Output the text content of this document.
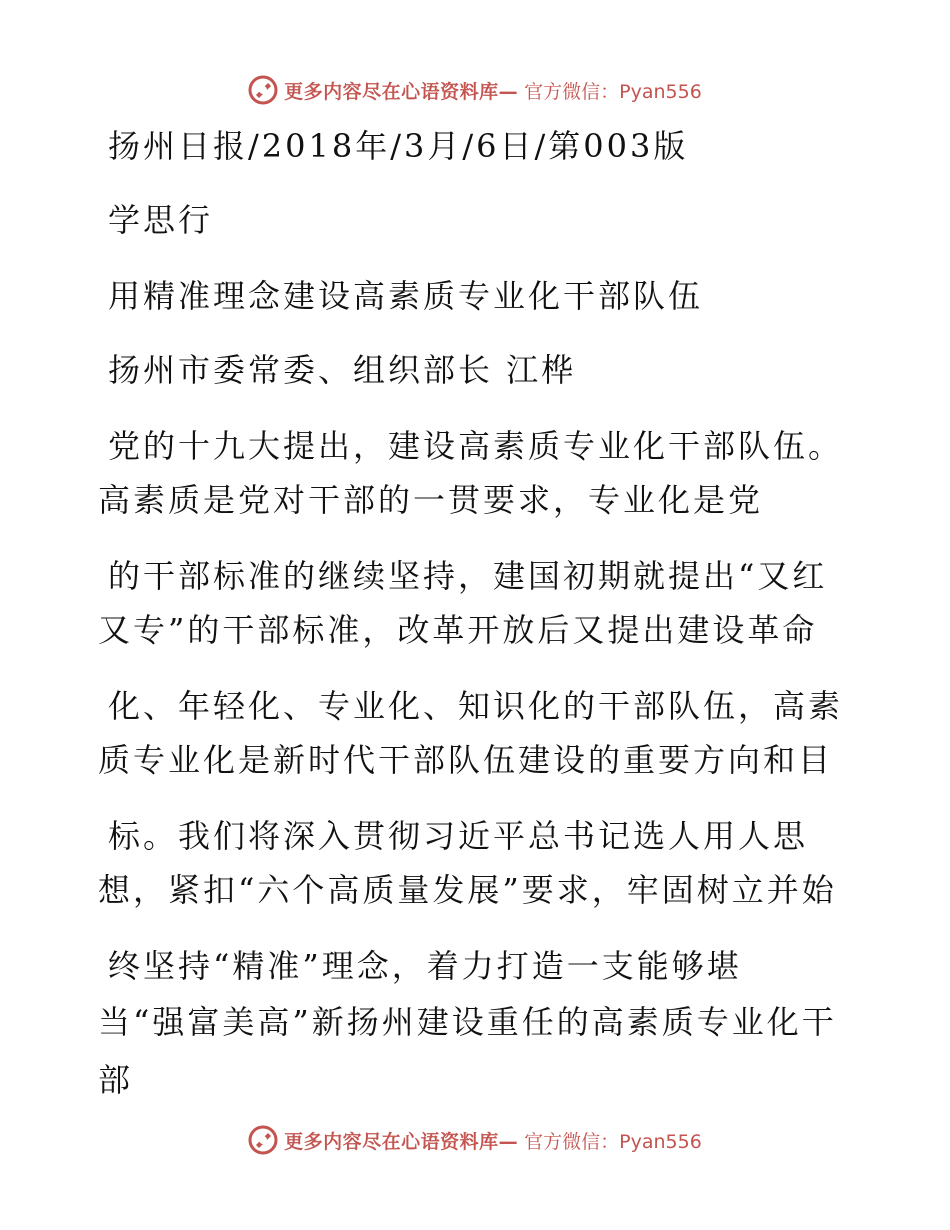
更多内容尽在心语资料库— 官方微信：Pyan556
扬州日报/2018年/3月/6日/第003版
学思行
用精准理念建设高素质专业化干部队伍
扬州市委常委、组织部长 江桦
党的十九大提出，建设高素质专业化干部队伍。
高素质是党对干部的一贯要求，专业化是党
的干部标准的继续坚持，建国初期就提出“又红
又专”的干部标准，改革开放后又提出建设革命
化、年轻化、专业化、知识化的干部队伍，高素
质专业化是新时代干部队伍建设的重要方向和目
标。我们将深入贯彻习近平总书记选人用人思
想，紧扣“六个高质量发展”要求，牢固树立并始
终坚持“精准”理念，着力打造一支能够堪
当“强富美高”新扬州建设重任的高素质专业化干
部
更多内容尽在心语资料库— 官方微信：Pyan556
